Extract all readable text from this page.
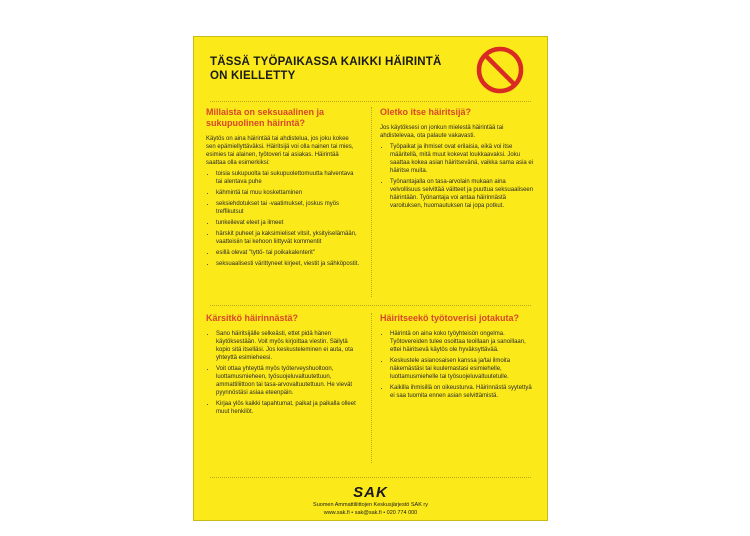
TÄSSÄ TYÖPAIKASSA KAIKKI HÄIRINTÄ ON KIELLETTY
Millaista on seksuaalinen ja sukupuolinen häirintä?

Käytös on aina häirintää tai ahdistelua, jos joku kokee sen epämiellyttäväksi. Häiritsijä voi olla nainen tai mies, esimies tai alainen, työtoveri tai asiakas. Häirintää saattaa olla esimerkiksi:

• toisia sukupuolta tai sukupuolettomuutta halventava tai alentava puhe
• kähmintä tai muu koskettaminen
• seksiehdotukset tai -vaatimukset, joskus myös treffikutsut
• tunkeilevat eleet ja ilmeet
• härskit puheet ja kaksimieliset vitsit, yksityiselämään, vaatteisiin tai kehoon liittyvät kommentit
• esillä olevat "tyttö- tai poikakalenterit"
• seksuaalisesti värittyneet kirjeet, viestit ja sähköpostit.
Oletko itse häiritsijä?

Jos käytöksesi on jonkun mielestä häirintää tai ahdistelevaa, ota palaute vakavasti.

• Työpaikat ja ihmiset ovat erilaisia, eikä voi itse määritellä, mitä muut kokevat loukkaavaksi. Joku saattaa kokea asian häiritsevänä, vaikka sama asia ei häiritse muita.
• Työnantajalla on tasa-arvolain mukaan aina velvollisuus selvittää väitteet ja puuttua seksuaaliseen häirintään. Työnantaja voi antaa häirinnästä varoituksen, huomautuksen tai jopa potkut.
Kärsitkö häirinnästä?
• Sano häiritsijälle selkeästi, ettet pidä hänen käytöksestään. Voit myös kirjoittaa viestin. Säilytä kopio sitä itselläsi. Jos keskusteleminen ei auta, ota yhteyttä esimieheesi.
• Voit ottaa yhteyttä myös työterveyshuoltoon, luottamusmieheen, työsuojeluvaltuutettuun, ammattiliittoon tai tasa-arvovaltuutettuun. He vievät pyynnöstäsi asiaa eteenpäin.
• Kirjaa ylös kaikki tapahtumat, paikat ja paikalla olleet muut henkilöt.
Häiritseekö työtoverisi jotakuta?
• Häirintä on aina koko työyhteisön ongelma. Työtovereiden tulee osoittaa teoillaan ja sanoillaan, ettei häiritsevä käytös ole hyväksyttävää.
• Keskustele asianosaisen kanssa ja/tai ilmoita näkemästäsi tai kuulemastasi esimiehelle, luottamusmiehelle tai työsuojeluvaltuutetulle.
• Kaikilla ihmisillä on oikeusturva. Häirinnästä syytettyä ei saa tuomita ennen asian selvittämistä.
SAK
Suomen Ammattiliittojen Keskusjärjestö SAK ry
www.sak.fi • sak@sak.fi • 020 774 000
